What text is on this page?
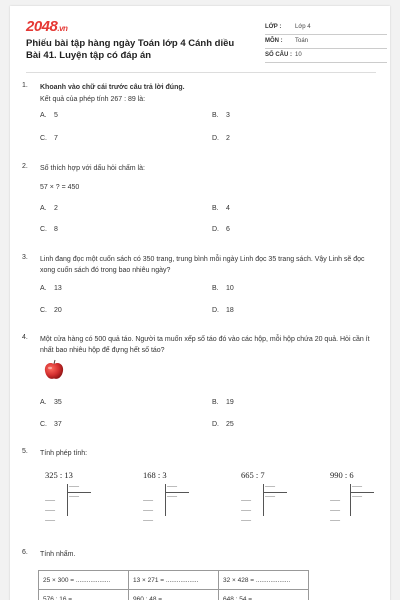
2048.vn
Phiếu bài tập hàng ngày Toán lớp 4 Cánh diều Bài 41. Luyện tập có đáp án
LỚP : Lớp 4
MÔN : Toán
SỐ CÂU : 10
1.	Khoanh vào chữ cái trước câu trả lời đúng.
Kết quả của phép tính 267 : 89 là:
A. 5	B. 3
C. 7	D. 2
2.	Số thích hợp với dấu hỏi chấm là:
57 × ? = 450
A. 2	B. 4
C. 8	D. 6
3.	Linh đang đọc một cuốn sách có 350 trang, trung bình mỗi ngày Linh đọc 35 trang sách. Vậy Linh sẽ đọc xong cuốn sách đó trong bao nhiêu ngày?
A. 13	B. 10
C. 20	D. 18
4.	Một cửa hàng có 500 quả táo. Người ta muốn xếp số táo đó vào các hộp, mỗi hộp chứa 20 quả. Hỏi cần ít nhất bao nhiêu hộp để đựng hết số táo?
A. 35	B. 19
C. 37	D. 25
5.	Tính phép tính:
325 : 13
..........
..........
..........
..........
..........
168 : 3
..........
..........
..........
..........
..........
665 : 7
..........
..........
..........
..........
..........
990 : 6
..........
..........
..........
..........
..........
6.	Tính nhẩm.
25 × 300 = ...................	13 × 271 = ..................	32 × 428 = ...................
576 : 16 = ..................	960 : 48 = ..................	648 : 54 = ...................
